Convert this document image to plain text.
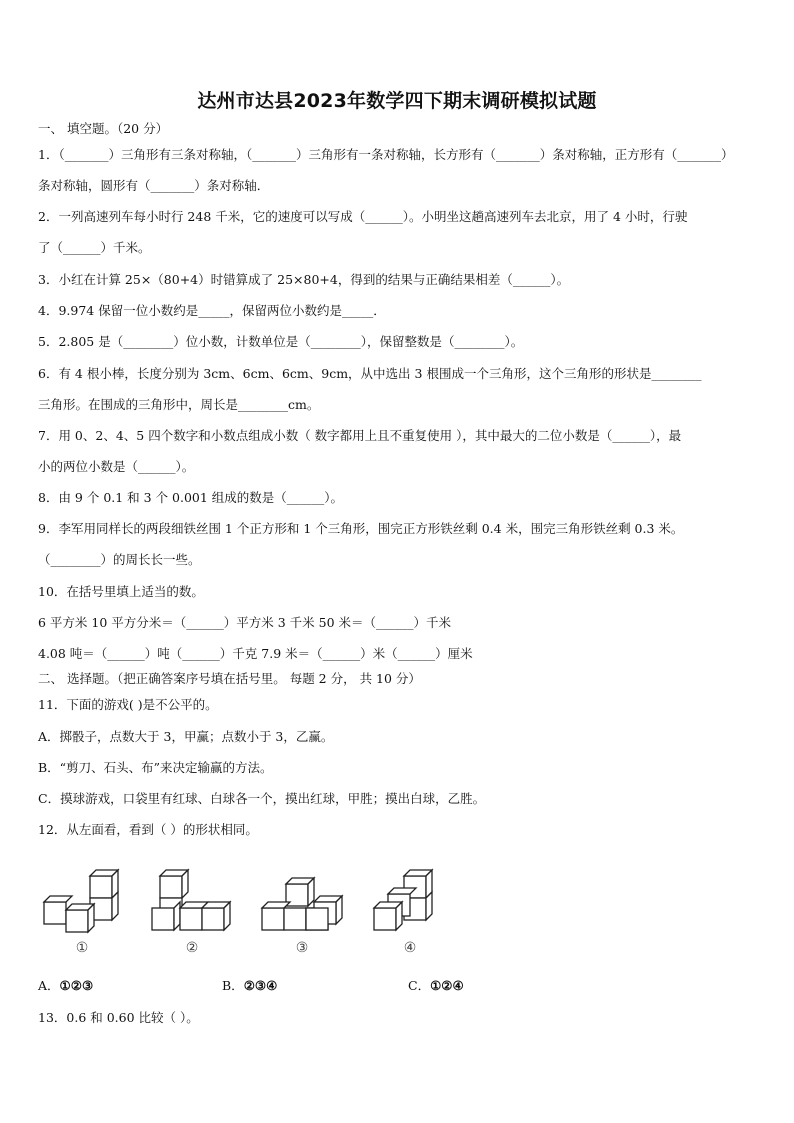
达州市达县2023年数学四下期末调研模拟试题
一、 填空题。（20 分）
1．（_______）三角形有三条对称轴，（_______）三角形有一条对称轴，长方形有（_______）条对称轴，正方形有（_______）
条对称轴，圆形有（_______）条对称轴．
2．一列高速列车每小时行 248 千米，它的速度可以写成（______）。小明坐这趟高速列车去北京，用了 4 小时，行驶
了（______）千米。
3．小红在计算 25×（80+4）时错算成了 25×80+4，得到的结果与正确结果相差（______）。
4．9.974 保留一位小数约是_____，保留两位小数约是_____．
5．2.805 是（________）位小数，计数单位是（________），保留整数是（________）。
6．有 4 根小棒，长度分别为 3cm、6cm、6cm、9cm，从中选出 3 根围成一个三角形，这个三角形的形状是________
三角形。在围成的三角形中，周长是________cm。
7．用 0、2、4、5 四个数字和小数点组成小数（ 数字都用上且不重复使用 ），其中最大的二位小数是（______），最
小的两位小数是（______）。
8．由 9 个 0.1 和 3 个 0.001 组成的数是（______）。
9．李军用同样长的两段细铁丝围 1 个正方形和 1 个三角形，围完正方形铁丝剩 0.4 米，围完三角形铁丝剩 0.3 米。
（________）的周长长一些。
10．在括号里填上适当的数。
6 平方米 10 平方分米＝（______）平方米 3 千米 50 米＝（______）千米
4.08 吨＝（______）吨（______）千克 7.9 米＝（______）米（______）厘米
二、 选择题。（把正确答案序号填在括号里。 每题 2 分， 共 10 分）
11．下面的游戏( )是不公平的。
A．掷骰子，点数大于 3，甲赢；点数小于 3，乙赢。
B．“剪刀、石头、布”来决定输赢的方法。
C．摸球游戏，口袋里有红球、白球各一个，摸出红球，甲胜；摸出白球，乙胜。
12．从左面看，看到（ ）的形状相同。
①	②	③	④
A．①②③	B．②③④	C．①②④
13．0.6 和 0.60 比较（ ）。
